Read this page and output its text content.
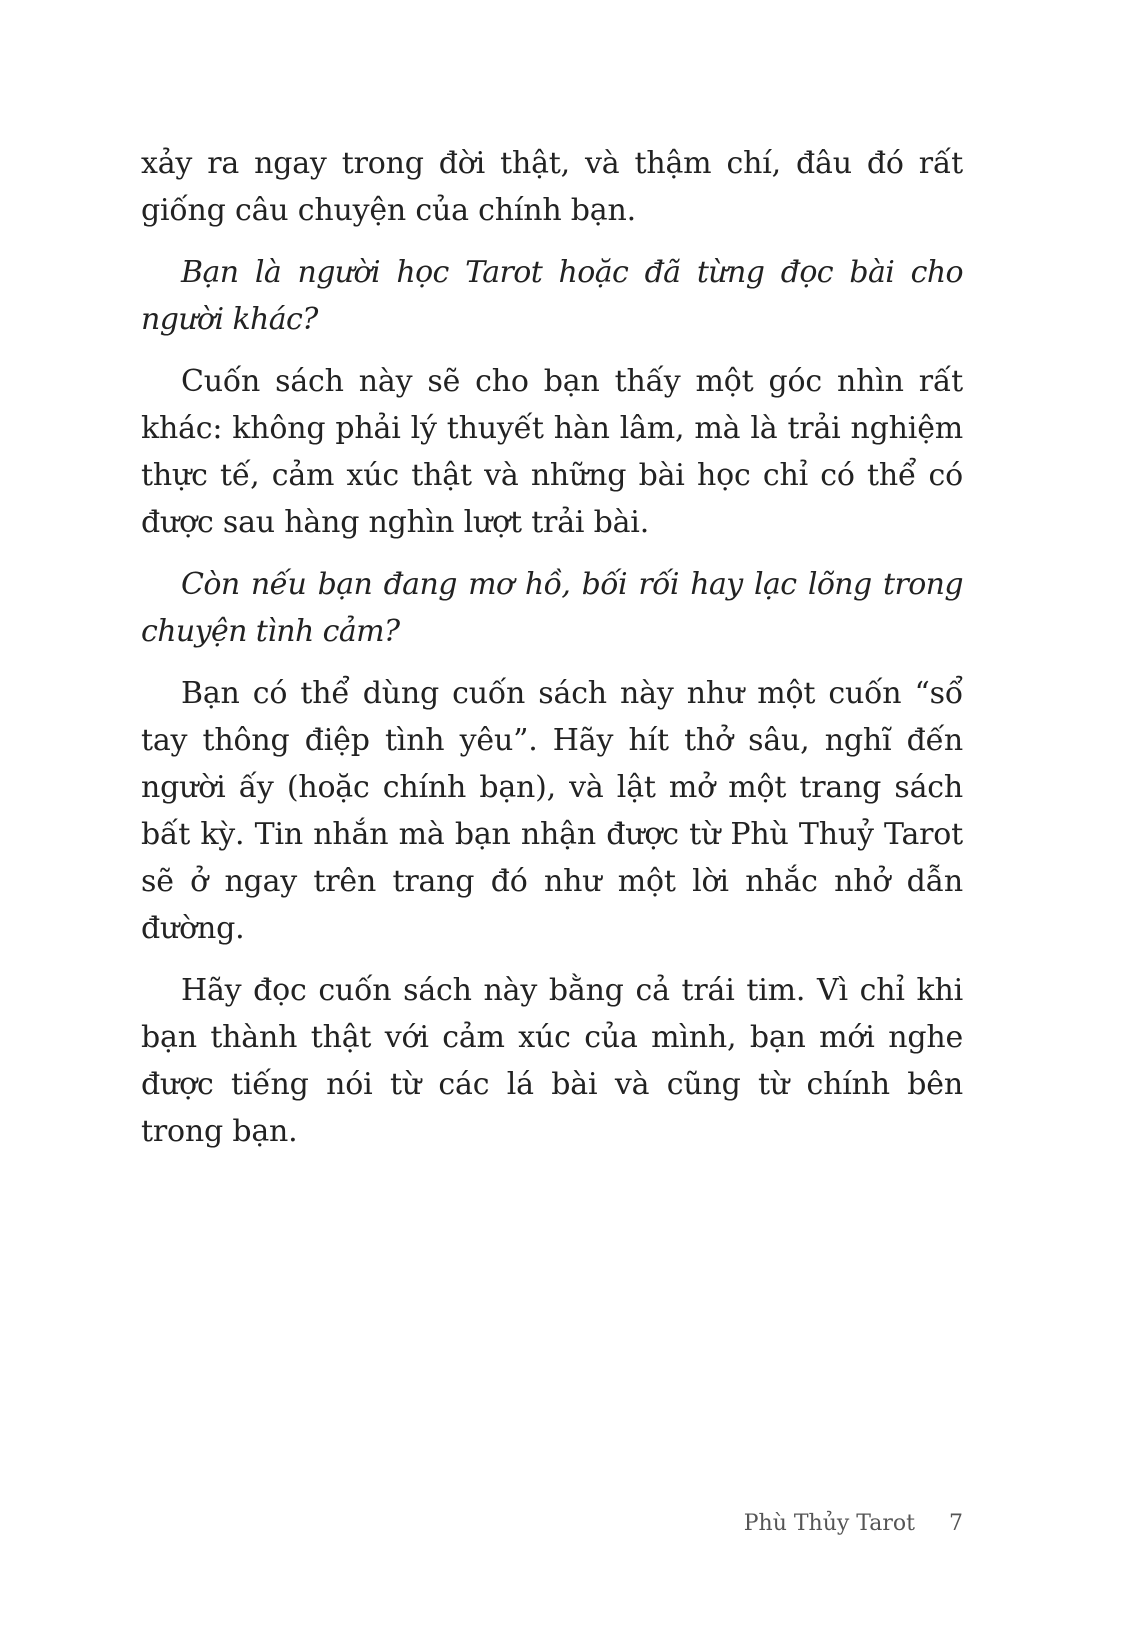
xảy ra ngay trong đời thật, và thậm chí, đâu đó rất giống câu chuyện của chính bạn.

Bạn là người học Tarot hoặc đã từng đọc bài cho người khác?

Cuốn sách này sẽ cho bạn thấy một góc nhìn rất khác: không phải lý thuyết hàn lâm, mà là trải nghiệm thực tế, cảm xúc thật và những bài học chỉ có thể có được sau hàng nghìn lượt trải bài.

Còn nếu bạn đang mơ hồ, bối rối hay lạc lõng trong chuyện tình cảm?

Bạn có thể dùng cuốn sách này như một cuốn “sổ tay thông điệp tình yêu”. Hãy hít thở sâu, nghĩ đến người ấy (hoặc chính bạn), và lật mở một trang sách bất kỳ. Tin nhắn mà bạn nhận được từ Phù Thuỷ Tarot sẽ ở ngay trên trang đó như một lời nhắc nhở dẫn đường.

Hãy đọc cuốn sách này bằng cả trái tim. Vì chỉ khi bạn thành thật với cảm xúc của mình, bạn mới nghe được tiếng nói từ các lá bài và cũng từ chính bên trong bạn.

Phù Thủy Tarot 7
